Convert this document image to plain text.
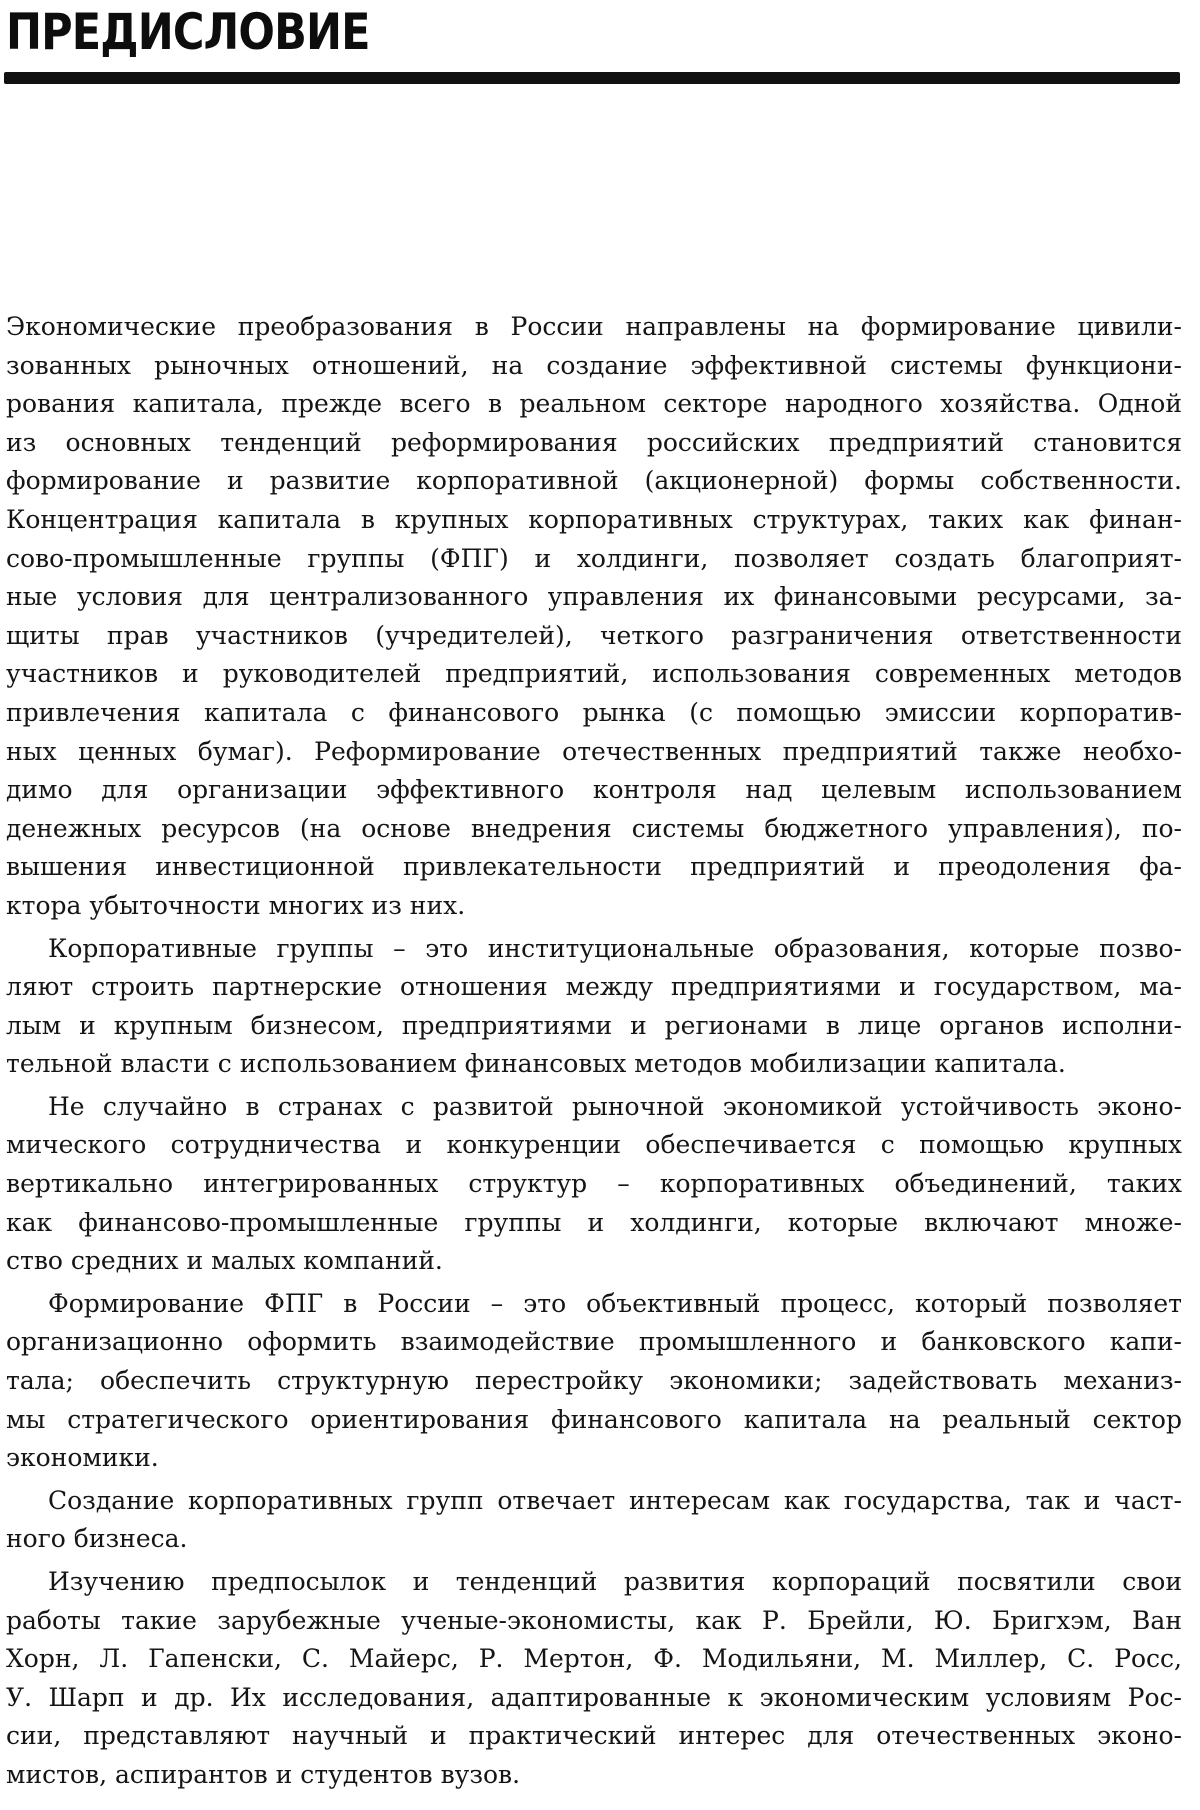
ПРЕДИСЛОВИЕ

Экономические преобразования в России направлены на формирование цивили-
зованных рыночных отношений, на создание эффективной системы функциони-
рования капитала, прежде всего в реальном секторе народного хозяйства. Одной
из основных тенденций реформирования российских предприятий становится
формирование и развитие корпоративной (акционерной) формы собственности.
Концентрация капитала в крупных корпоративных структурах, таких как финан-
сово-промышленные группы (ФПГ) и холдинги, позволяет создать благоприят-
ные условия для централизованного управления их финансовыми ресурсами, за-
щиты прав участников (учредителей), четкого разграничения ответственности
участников и руководителей предприятий, использования современных методов
привлечения капитала с финансового рынка (с помощью эмиссии корпоратив-
ных ценных бумаг). Реформирование отечественных предприятий также необхо-
димо для организации эффективного контроля над целевым использованием
денежных ресурсов (на основе внедрения системы бюджетного управления), по-
вышения инвестиционной привлекательности предприятий и преодоления фа-
ктора убыточности многих из них.

Корпоративные группы – это институциональные образования, которые позво-
ляют строить партнерские отношения между предприятиями и государством, ма-
лым и крупным бизнесом, предприятиями и регионами в лице органов исполни-
тельной власти с использованием финансовых методов мобилизации капитала.

Не случайно в странах с развитой рыночной экономикой устойчивость эконо-
мического сотрудничества и конкуренции обеспечивается с помощью крупных
вертикально интегрированных структур – корпоративных объединений, таких
как финансово-промышленные группы и холдинги, которые включают множе-
ство средних и малых компаний.

Формирование ФПГ в России – это объективный процесс, который позволяет
организационно оформить взаимодействие промышленного и банковского капи-
тала; обеспечить структурную перестройку экономики; задействовать механиз-
мы стратегического ориентирования финансового капитала на реальный сектор
экономики.

Создание корпоративных групп отвечает интересам как государства, так и част-
ного бизнеса.

Изучению предпосылок и тенденций развития корпораций посвятили свои
работы такие зарубежные ученые-экономисты, как Р. Брейли, Ю. Бригхэм, Ван
Хорн, Л. Гапенски, С. Майерс, Р. Мертон, Ф. Модильяни, М. Миллер, С. Росс,
У. Шарп и др. Их исследования, адаптированные к экономическим условиям Рос-
сии, представляют научный и практический интерес для отечественных эконо-
мистов, аспирантов и студентов вузов.
